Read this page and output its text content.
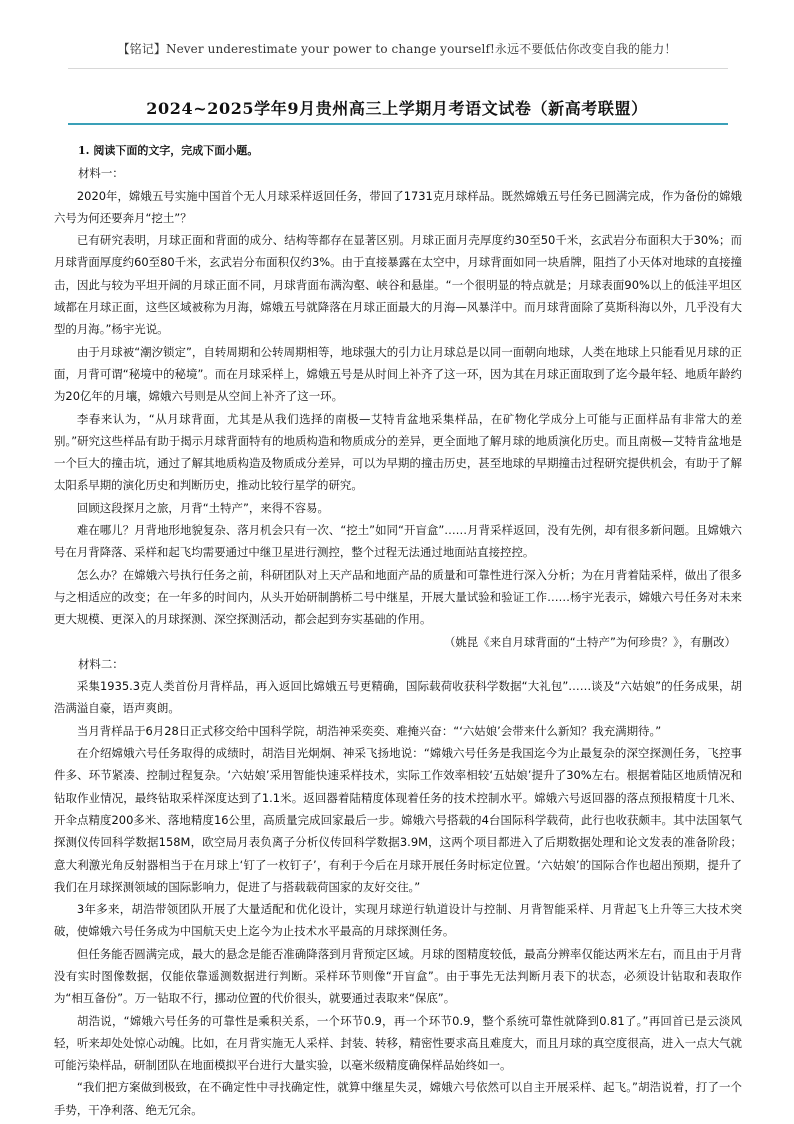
【铭记】Never underestimate your power to change yourself!永远不要低估你改变自我的能力！
2024~2025学年9月贵州高三上学期月考语文试卷（新高考联盟）

1. 阅读下面的文字，完成下面小题。

材料一：

2020年，嫦娥五号实施中国首个无人月球采样返回任务，带回了1731克月球样品。既然嫦娥五号任务已圆满完成，作为备份的嫦娥六号为何还要奔月“挖土”？

已有研究表明，月球正面和背面的成分、结构等都存在显著区别。月球正面月壳厚度约30至50千米，玄武岩分布面积大于30%；而月球背面厚度约60至80千米，玄武岩分布面积仅约3%。由于直接暴露在太空中，月球背面如同一块盾牌，阻挡了小天体对地球的直接撞击，因此与较为平坦开阔的月球正面不同，月球背面布满沟壑、峡谷和悬崖。“一个很明显的特点就是；月球表面90%以上的低洼平坦区域都在月球正面，这些区域被称为月海，嫦娥五号就降落在月球正面最大的月海—风暴洋中。而月球背面除了莫斯科海以外，几乎没有大型的月海。”杨宇光说。

由于月球被“潮汐锁定”，自转周期和公转周期相等，地球强大的引力让月球总是以同一面朝向地球，人类在地球上只能看见月球的正面，月背可谓“秘境中的秘境”。而在月球采样上，嫦娥五号是从时间上补齐了这一环，因为其在月球正面取到了迄今最年轻、地质年龄约为20亿年的月壤，嫦娥六号则是从空间上补齐了这一环。

李春来认为，“从月球背面，尤其是从我们选择的南极—艾特肯盆地采集样品，在矿物化学成分上可能与正面样品有非常大的差别。”研究这些样品有助于揭示月球背面特有的地质构造和物质成分的差异，更全面地了解月球的地质演化历史。而且南极—艾特肯盆地是一个巨大的撞击坑，通过了解其地质构造及物质成分差异，可以为早期的撞击历史，甚至地球的早期撞击过程研究提供机会，有助于了解太阳系早期的演化历史和判断历史，推动比较行星学的研究。

回顾这段探月之旅，月背“土特产”，来得不容易。

难在哪儿？月背地形地貌复杂、落月机会只有一次、“挖土”如同“开盲盒”……月背采样返回，没有先例，却有很多新问题。且嫦娥六号在月背降落、采样和起飞均需要通过中继卫星进行测控，整个过程无法通过地面站直接控控。

怎么办？在嫦娥六号执行任务之前，科研团队对上天产品和地面产品的质量和可靠性进行深入分析；为在月背着陆采样，做出了很多与之相适应的改变；在一年多的时间内，从头开始研制鹊桥二号中继星，开展大量试验和验证工作……杨宇光表示，嫦娥六号任务对未来更大规模、更深入的月球探测、深空探测活动，都会起到夯实基础的作用。

（姚昆《来自月球背面的“土特产”为何珍贵？》，有删改）

材料二：

采集1935.3克人类首份月背样品，再入返回比嫦娥五号更精确，国际载荷收获科学数据“大礼包”……谈及“六姑娘”的任务成果，胡浩满溢自豪，语声爽朗。

当月背样品于6月28日正式移交给中国科学院，胡浩神采奕奕、难掩兴奋：“‘六姑娘’会带来什么新知？我充满期待。”

在介绍嫦娥六号任务取得的成绩时，胡浩目光炯炯、神采飞扬地说：“嫦娥六号任务是我国迄今为止最复杂的深空探测任务，飞控事件多、环节紧凑、控制过程复杂。‘六姑娘’采用智能快速采样技术，实际工作效率相较‘五姑娘’提升了30%左右。根据着陆区地质情况和钻取作业情况，最终钻取采样深度达到了1.1米。返回器着陆精度体现着任务的技术控制水平。嫦娥六号返回器的落点预报精度十几米、开伞点精度200多米、落地精度16公里，高质量完成回家最后一步。嫦娥六号搭载的4台国际科学载荷，此行也收获颇丰。其中法国氡气探测仪传回科学数据158M，欧空局月表负离子分析仪传回科学数据3.9M，这两个项目都进入了后期数据处理和论文发表的准备阶段；意大利激光角反射器相当于在月球上‘钉了一枚钉子’，有利于今后在月球开展任务时标定位置。‘六姑娘’的国际合作也超出预期，提升了我们在月球探测领域的国际影响力，促进了与搭载载荷国家的友好交往。”

3年多来，胡浩带领团队开展了大量适配和优化设计，实现月球逆行轨道设计与控制、月背智能采样、月背起飞上升等三大技术突破，使嫦娥六号任务成为中国航天史上迄今为止技术水平最高的月球探测任务。

但任务能否圆满完成，最大的悬念是能否准确降落到月背预定区域。月球的图精度较低，最高分辨率仅能达两米左右，而且由于月背没有实时图像数据，仅能依靠遥测数据进行判断。采样环节则像“开盲盒”。由于事先无法判断月表下的状态，必须设计钻取和表取作为“相互备份”。万一钻取不行，挪动位置的代价很头，就要通过表取来“保底”。

胡浩说，“嫦娥六号任务的可靠性是乘积关系，一个环节0.9，再一个环节0.9，整个系统可靠性就降到0.81了。”再回首已是云淡风轻，听来却处处惊心动魄。比如，在月背实施无人采样、封装、转移，精密性要求高且难度大，而且月球的真空度很高，进入一点大气就可能污染样品，研制团队在地面模拟平台进行大量实验，以毫米级精度确保样品始终如一。

“我们把方案做到极致，在不确定性中寻找确定性，就算中继星失灵，嫦娥六号依然可以自主开展采样、起飞。”胡浩说着，打了一个手势，干净利落、绝无冗余。
